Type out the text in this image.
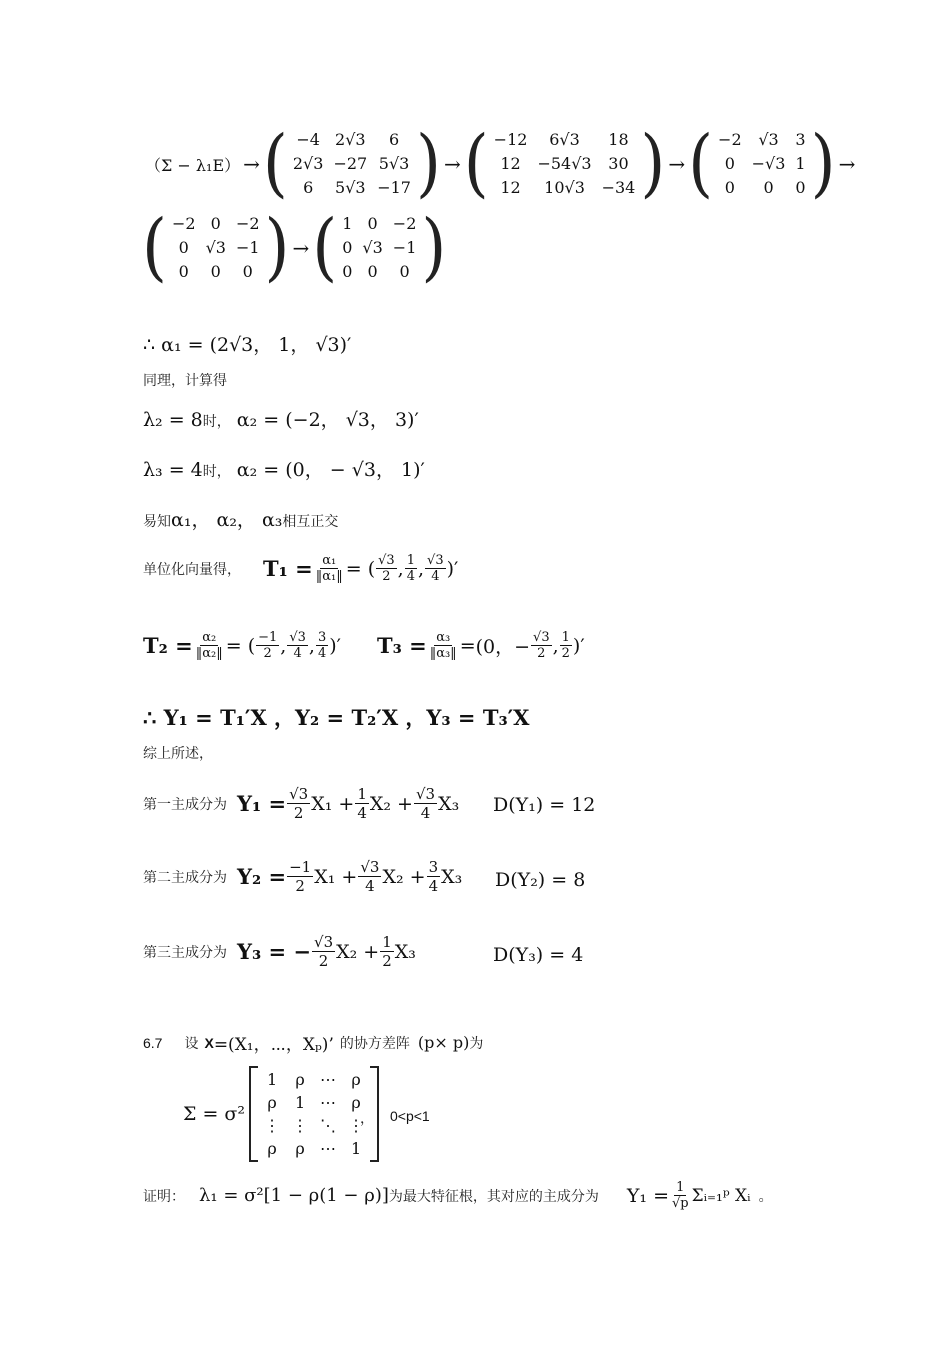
（Σ − λ₁E） → ( −4	2√3	6
2√3	−27	5√3
6	5√3	−17 ) → ( −12	6√3	18
12	−54√3	30
12	10√3	−34 ) → ( −2	√3	3
0	−√3	1
0	0	0 ) →
( −2	0	−2
0	√3	−1
0	0	0 ) → ( 1	0	−2
0	√3	−1
0	0	0 )
∴ α₁ = (2√3， 1， √3)′
同理，计算得
λ₂ = 8时， α₂ = (−2， √3， 3)′
λ₃ = 4时， α₂ = (0， − √3， 1)′
易知α₁， α₂， α₃相互正交
单位化向量得， $T_1 = \frac{\text{α₁}}{\text{‖α₁‖}}$ = ( $\frac{√3}{2}$ , $\frac{1}{4}$ , $\frac{√3}{4}$ )′
$T_2 = \frac{\text{α₂}}{\text{‖α₂‖}}$ = ( $\frac{-1}{2}$ , $\frac{√3}{4}$ , $\frac{3}{4}$ )′ $T_3 = \frac{\text{α₃}}{\text{‖α₃‖}} = (0$，− $\frac{√3}{2}$ , $\frac{1}{2}$ )′
∴ Y₁ = T₁′X ，Y₂ = T₂′X ，Y₃ = T₃′X
综上所述，
第一主成分为 $Y_1 = \frac{√3}{2} X_1 + \frac{1}{4} X_2 + \frac{√3}{4} X_3$ D(Y₁) = 12
第二主成分为 $Y_2 = \frac{-1}{2} X_1 + \frac{√3}{4} X_2 + \frac{3}{4} X_3$ D(Y₂) = 8
第三主成分为 Y₃ = − $\frac{√3}{2} X_2 + \frac{1}{2} X_3$	D(Y₃) = 4
6.7 设 X =(X₁，⋯，Xₚ)’ 的协方差阵 (p× p) 为
Σ = σ²
1	ρ	⋯	ρ
ρ	1	⋯	ρ
⋮	⋮	⋱	⋮
ρ	ρ	⋯	1
， 0<p<1
证明： λ₁ = σ²[1 − ρ(1 − ρ)] 为最大特征根，其对应的主成分为 $Y_1 = \frac{1}{√p}$ Σᵢ₌₁ᵖ Xᵢ 。
